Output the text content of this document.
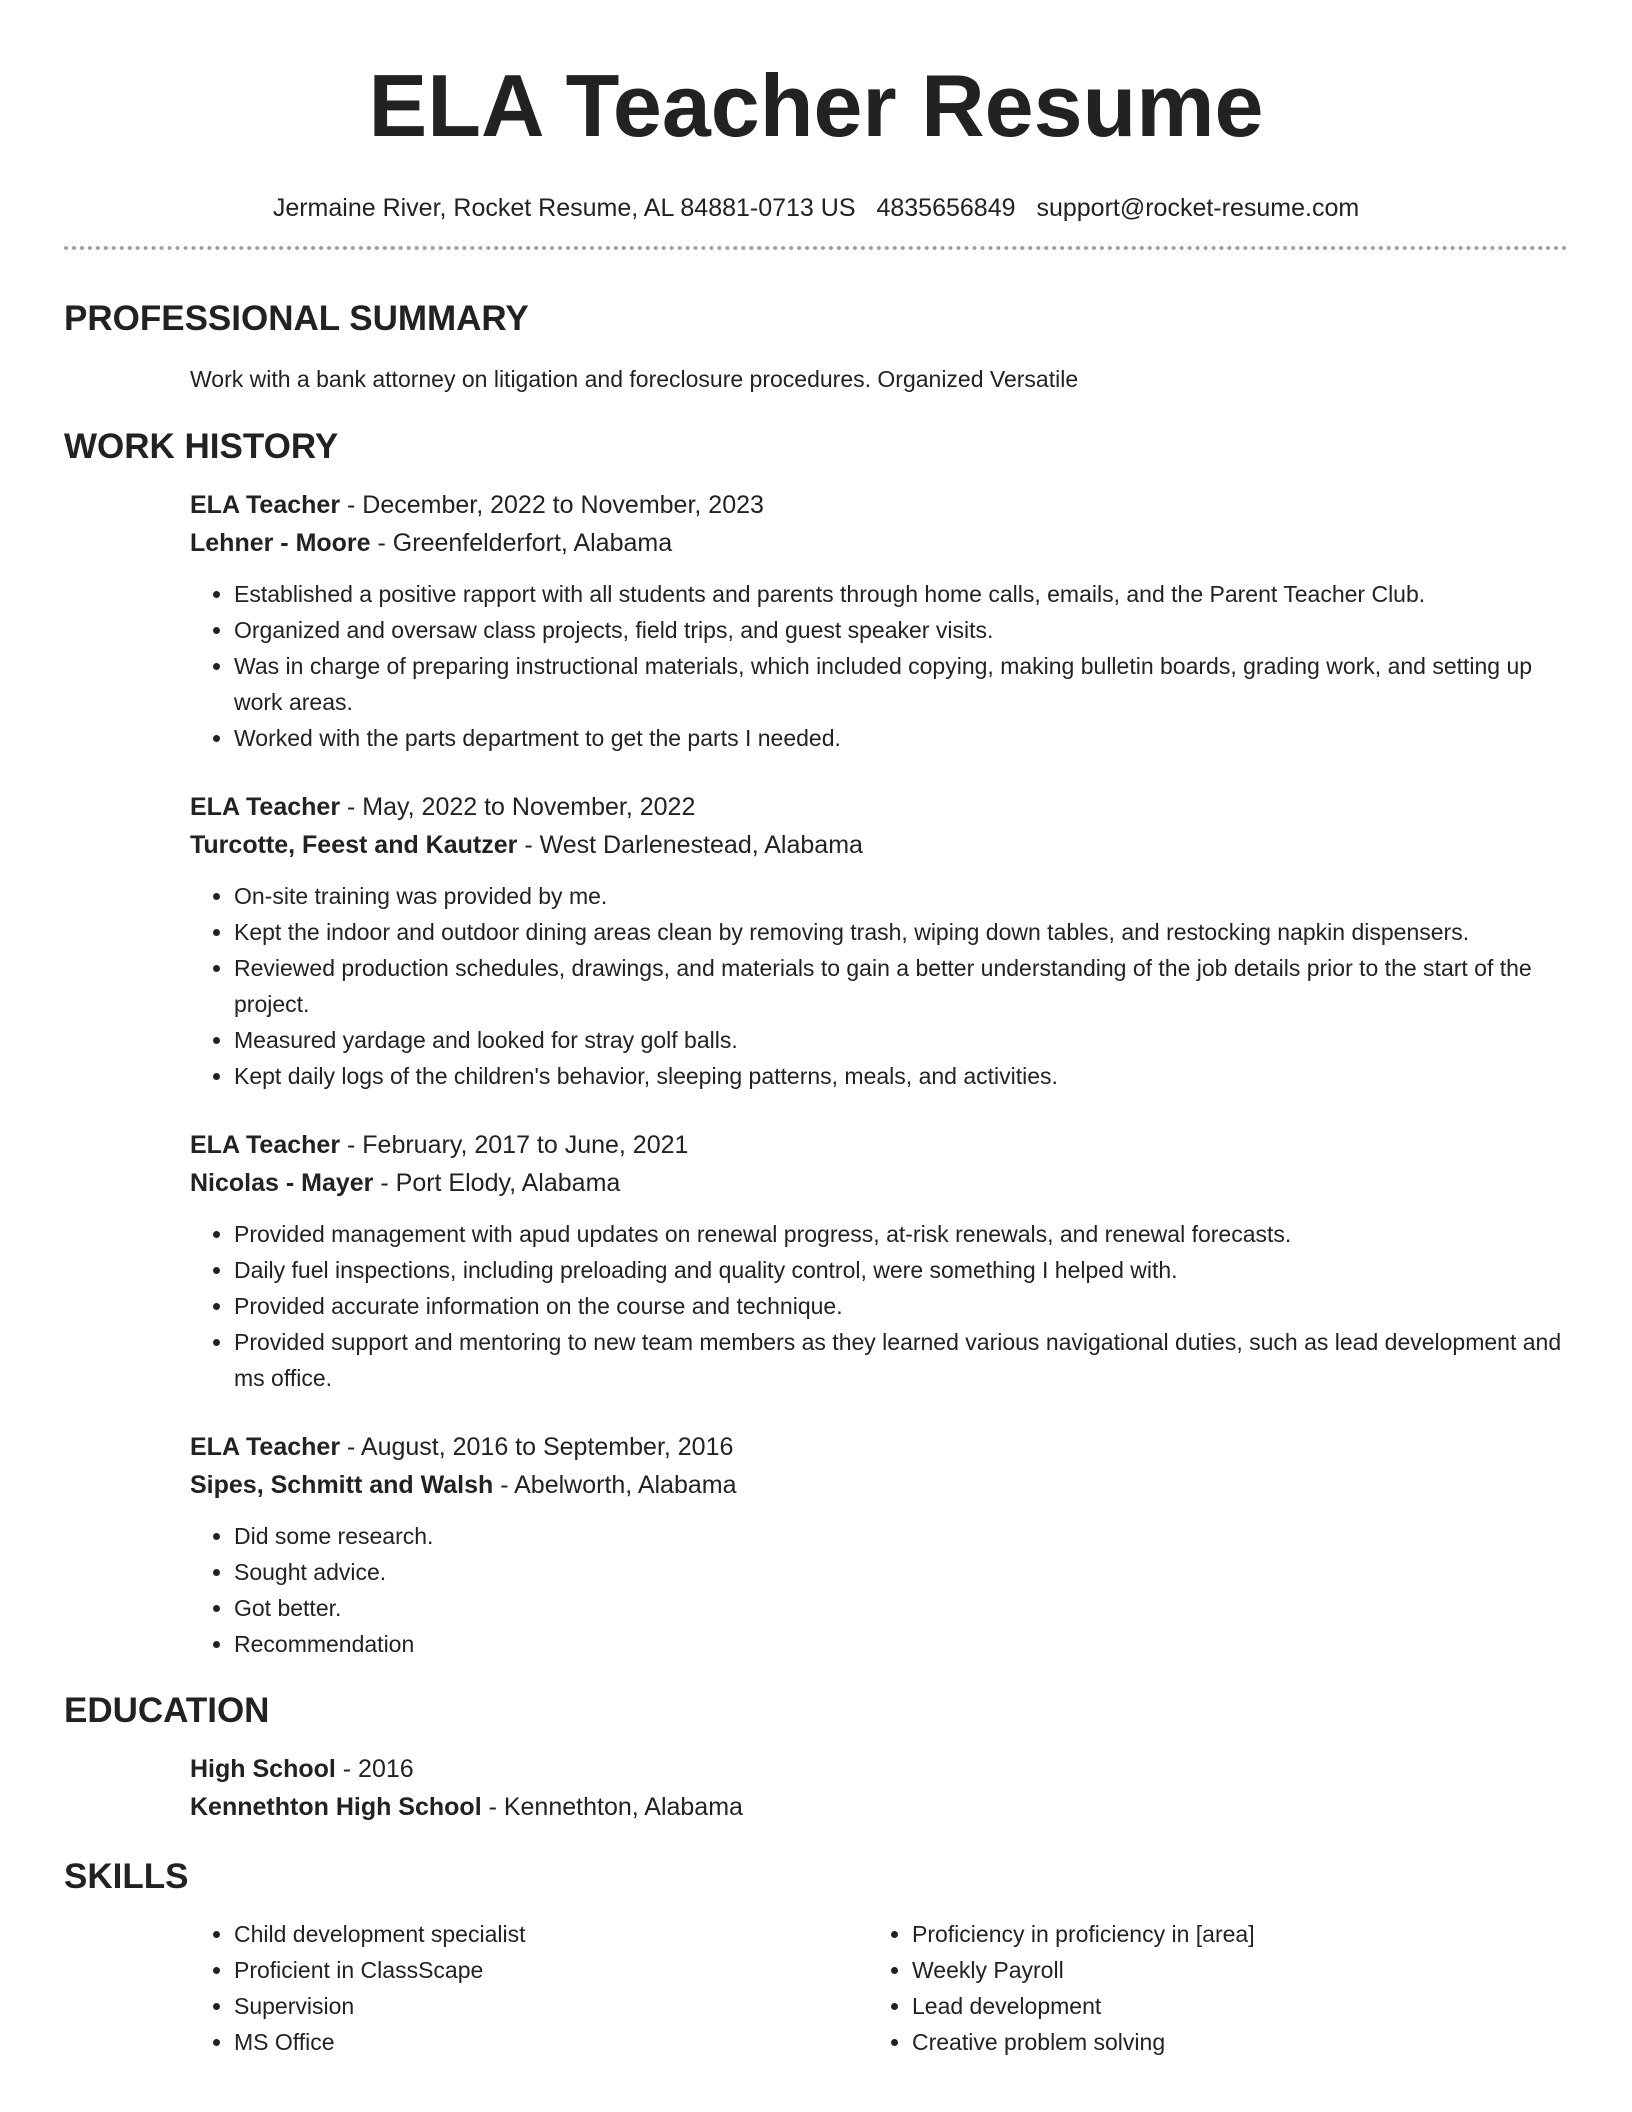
ELA Teacher Resume
Jermaine River, Rocket Resume, AL 84881-0713 US 4835656849 support@rocket-resume.com
PROFESSIONAL SUMMARY
Work with a bank attorney on litigation and foreclosure procedures. Organized Versatile
WORK HISTORY
ELA Teacher - December, 2022 to November, 2023
Lehner - Moore - Greenfelderfort, Alabama
• Established a positive rapport with all students and parents through home calls, emails, and the Parent Teacher Club.
• Organized and oversaw class projects, field trips, and guest speaker visits.
• Was in charge of preparing instructional materials, which included copying, making bulletin boards, grading work, and setting up work areas.
• Worked with the parts department to get the parts I needed.
ELA Teacher - May, 2022 to November, 2022
Turcotte, Feest and Kautzer - West Darlenestead, Alabama
• On-site training was provided by me.
• Kept the indoor and outdoor dining areas clean by removing trash, wiping down tables, and restocking napkin dispensers.
• Reviewed production schedules, drawings, and materials to gain a better understanding of the job details prior to the start of the project.
• Measured yardage and looked for stray golf balls.
• Kept daily logs of the children's behavior, sleeping patterns, meals, and activities.
ELA Teacher - February, 2017 to June, 2021
Nicolas - Mayer - Port Elody, Alabama
• Provided management with apud updates on renewal progress, at-risk renewals, and renewal forecasts.
• Daily fuel inspections, including preloading and quality control, were something I helped with.
• Provided accurate information on the course and technique.
• Provided support and mentoring to new team members as they learned various navigational duties, such as lead development and ms office.
ELA Teacher - August, 2016 to September, 2016
Sipes, Schmitt and Walsh - Abelworth, Alabama
• Did some research.
• Sought advice.
• Got better.
• Recommendation
EDUCATION
High School - 2016
Kennethton High School - Kennethton, Alabama
SKILLS
• Child development specialist
• Proficient in ClassScape
• Supervision
• MS Office
• Proficiency in proficiency in [area]
• Weekly Payroll
• Lead development
• Creative problem solving
